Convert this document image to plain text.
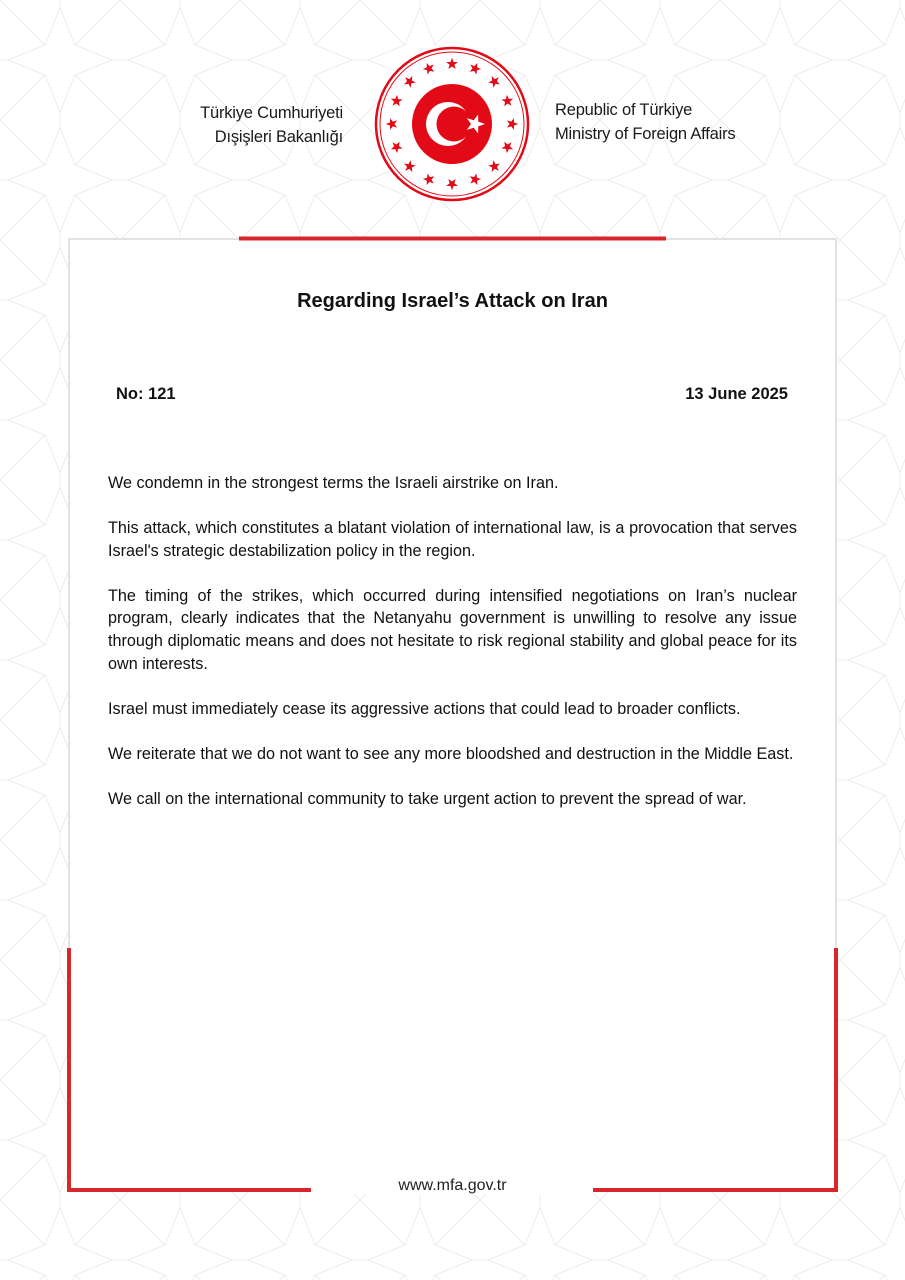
Türkiye Cumhuriyeti
Dışişleri Bakanlığı
Republic of Türkiye
Ministry of Foreign Affairs
Regarding Israel’s Attack on Iran
No: 121	13 June 2025

We condemn in the strongest terms the Israeli airstrike on Iran.

This attack, which constitutes a blatant violation of international law, is a provocation that serves Israel's strategic destabilization policy in the region.

The timing of the strikes, which occurred during intensified negotiations on Iran’s nuclear program, clearly indicates that the Netanyahu government is unwilling to resolve any issue through diplomatic means and does not hesitate to risk regional stability and global peace for its own interests.

Israel must immediately cease its aggressive actions that could lead to broader conflicts.

We reiterate that we do not want to see any more bloodshed and destruction in the Middle East.

We call on the international community to take urgent action to prevent the spread of war.

www.mfa.gov.tr
